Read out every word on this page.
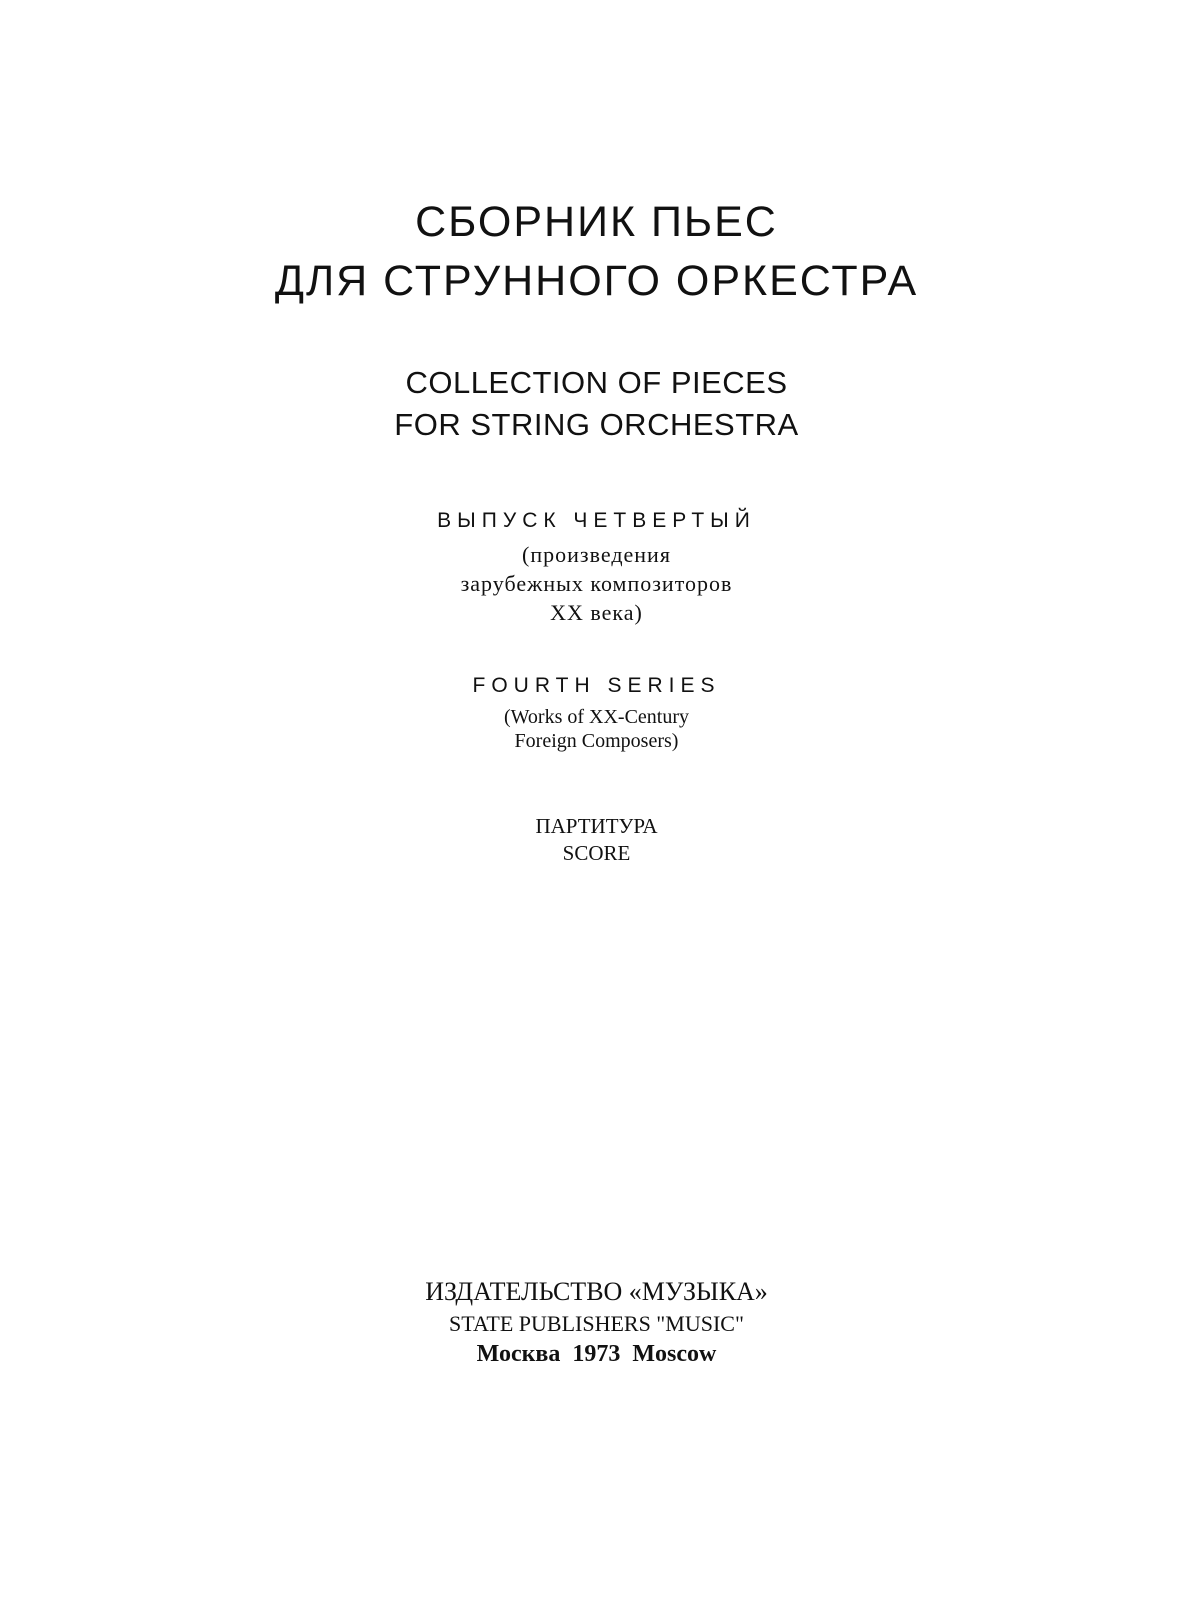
СБОРНИК ПЬЕС

ДЛЯ СТРУННОГО ОРКЕСТРА

COLLECTION OF PIECES

FOR STRING ORCHESTRA

ВЫПУСК ЧЕТВЕРТЫЙ

(произведения

зарубежных композиторов

XX века)

FOURTH SERIES

(Works of XX-Century

Foreign Composers)

ПАРТИТУРА

SCORE

ИЗДАТЕЛЬСТВО «МУЗЫКА»

STATE PUBLISHERS "MUSIC"

Москва  1973  Moscow
